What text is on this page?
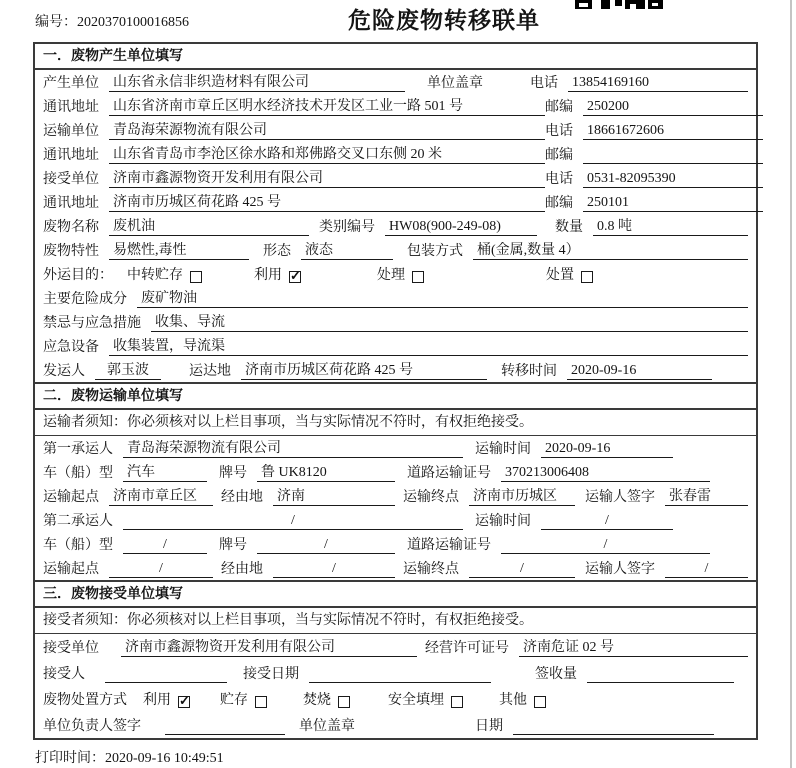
编号：2020370100016856	危险废物转移联单
一．废物产生单位填写
产生单位 山东省永信非织造材料有限公司	单位盖章	电话 13854169160
通讯地址 山东省济南市章丘区明水经济技术开发区工业一路 501 号	邮编 250200
运输单位 青岛海荣源物流有限公司	电话 18661672606
通讯地址 山东省青岛市李沧区徐水路和郑佛路交叉口东侧 20 米	邮编
接受单位 济南市鑫源物资开发利用有限公司	电话 0531-82095390
通讯地址 济南市历城区荷花路 425 号	邮编 250101
废物名称 废机油	类别编号 HW08(900-249-08)	数量 0.8 吨
废物特性 易燃性,毒性	形态 液态	包装方式 桶(金属,数量 4）
外运目的： 中转贮存	利用 ✓	处理	处置
主要危险成分 废矿物油
禁忌与应急措施 收集、导流
应急设备 收集装置，导流渠
发运人	郭玉波	运达地 济南市历城区荷花路 425 号	转移时间 2020-09-16
二．废物运输单位填写
运输者须知：你必须核对以上栏目事项，当与实际情况不符时，有权拒绝接受。
第一承运人 青岛海荣源物流有限公司	运输时间 2020-09-16
车（船）型 汽车	牌号 鲁 UK8120	道路运输证号 370213006408
运输起点 济南市章丘区	经由地 济南	运输终点 济南市历城区	运输人签字 张春雷
第二承运人	/	运输时间	/
车（船）型	/	牌号	/	道路运输证号	/
运输起点	/	经由地	/	运输终点	/	运输人签字	/
三．废物接受单位填写
接受者须知：你必须核对以上栏目事项，当与实际情况不符时，有权拒绝接受。
接受单位 济南市鑫源物资开发利用有限公司	经营许可证号 济南危证 02 号
接受人	接受日期	签收量
废物处置方式 利用 ✓	贮存	焚烧	安全填埋	其他
单位负责人签字	单位盖章	日期
打印时间：2020-09-16 10:49:51
